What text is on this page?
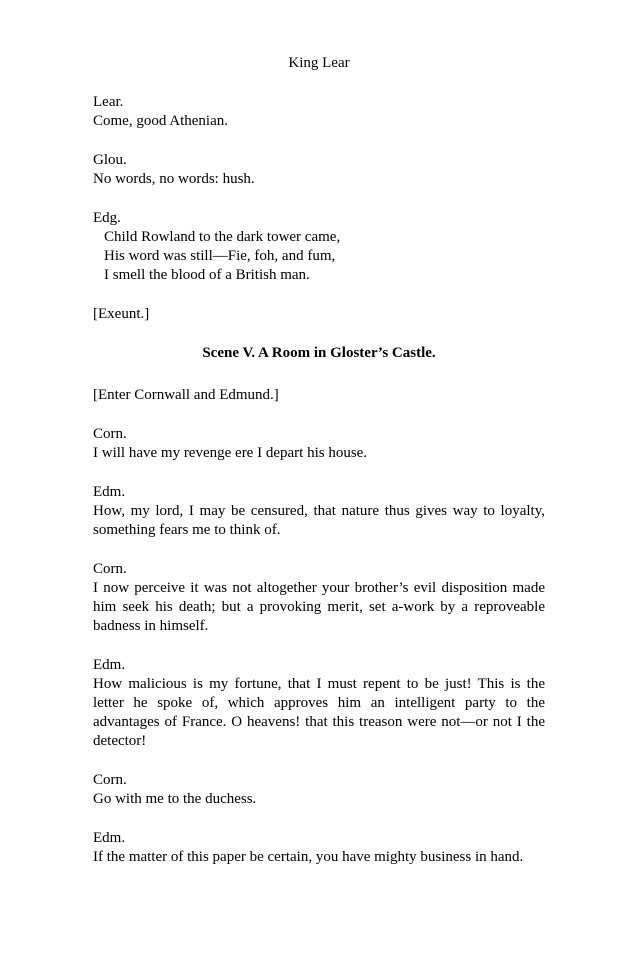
King Lear

Lear.

Come, good Athenian.

Glou.

No words, no words: hush.

Edg.

Child Rowland to the dark tower came,

His word was still—Fie, foh, and fum,

I smell the blood of a British man.

[Exeunt.]

Scene V. A Room in Gloster’s Castle.

[Enter Cornwall and Edmund.]

Corn.

I will have my revenge ere I depart his house.

Edm.

How, my lord, I may be censured, that nature thus gives way to loyalty, something fears me to think of.

Corn.

I now perceive it was not altogether your brother’s evil disposition made him seek his death; but a provoking merit, set a-work by a reproveable badness in himself.

Edm.

How malicious is my fortune, that I must repent to be just! This is the letter he spoke of, which approves him an intelligent party to the advantages of France. O heavens! that this treason were not—or not I the detector!

Corn.

Go with me to the duchess.

Edm.

If the matter of this paper be certain, you have mighty business in hand.
